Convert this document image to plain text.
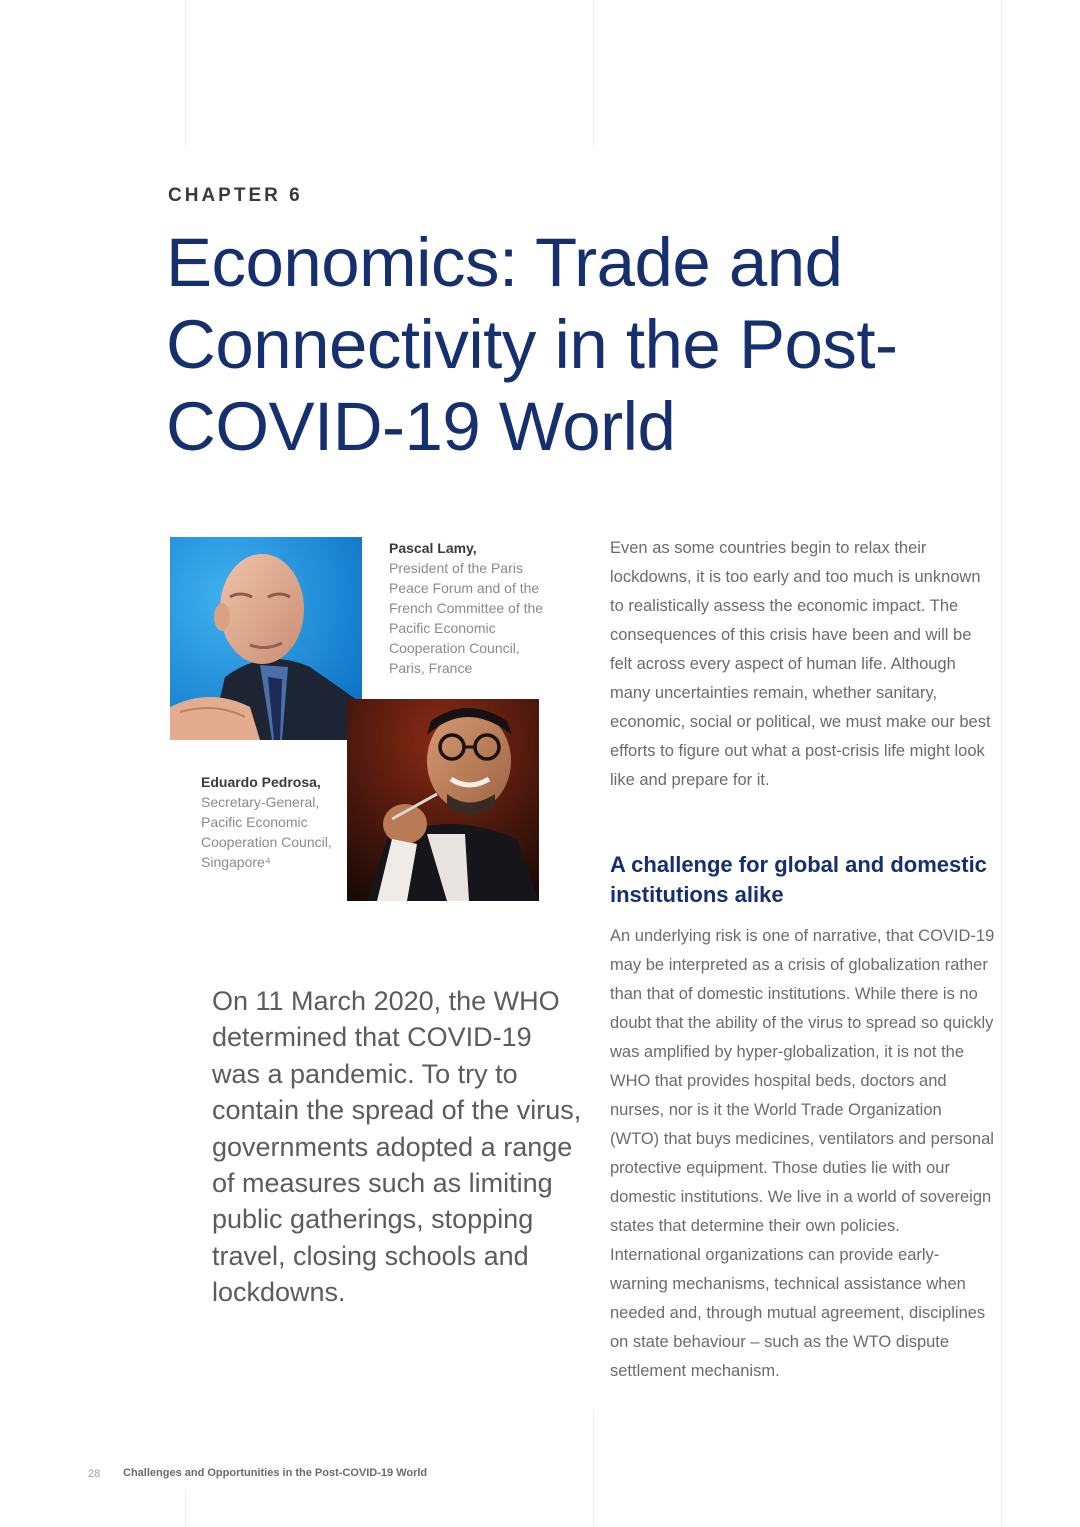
CHAPTER 6
Economics: Trade and Connectivity in the Post-COVID-19 World
Pascal Lamy,
President of the Paris Peace Forum and of the French Committee of the Pacific Economic Cooperation Council, Paris, France
Eduardo Pedrosa,
Secretary-General, Pacific Economic Cooperation Council, Singapore⁴

On 11 March 2020, the WHO determined that COVID-19 was a pandemic. To try to contain the spread of the virus, governments adopted a range of measures such as limiting public gatherings, stopping travel, closing schools and lockdowns.

Even as some countries begin to relax their lockdowns, it is too early and too much is unknown to realistically assess the economic impact. The consequences of this crisis have been and will be felt across every aspect of human life. Although many uncertainties remain, whether sanitary, economic, social or political, we must make our best efforts to figure out what a post-crisis life might look like and prepare for it.

A challenge for global and domestic institutions alike

An underlying risk is one of narrative, that COVID-19 may be interpreted as a crisis of globalization rather than that of domestic institutions. While there is no doubt that the ability of the virus to spread so quickly was amplified by hyper-globalization, it is not the WHO that provides hospital beds, doctors and nurses, nor is it the World Trade Organization (WTO) that buys medicines, ventilators and personal protective equipment. Those duties lie with our domestic institutions. We live in a world of sovereign states that determine their own policies. International organizations can provide early-warning mechanisms, technical assistance when needed and, through mutual agreement, disciplines on state behaviour – such as the WTO dispute settlement mechanism.

28 Challenges and Opportunities in the Post-COVID-19 World
